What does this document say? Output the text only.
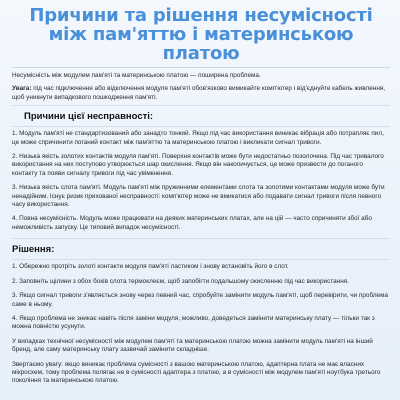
Причини та рішення несумісності між пам'яттю і материнською платою

Несумісність між модулем пам'яті та материнською платою — поширена проблема.

Увага: під час підключення або відключення модуля пам'яті обов'язково вимикайте комп'ютер і від'єднуйте кабель живлення, щоб уникнути випадкового пошкодження пам'яті.

Причини цієї несправності:

1. Модуль пам'яті не стандартизований або занадто тонкий. Якщо під час використання виникає вібрація або потрапляє пил, це може спричинити поганий контакт між пам'яттю та материнською платою і викликати сигнал тривоги.

2. Низька якість золотих контактів модуля пам'яті. Поверхня контактів може бути недостатньо позолочена. Під час тривалого використання на них поступово утворюється шар окислення. Якщо він накопичується, це може призвести до поганого контакту та появи сигналу тривоги під час увімкнення.

3. Низька якість слота пам'яті. Модуль пам'яті між пружинними елементами слота та золотими контактами модуля може бути ненадійним. Існує ризик прихованої несправності: комп'ютер може не вмикатися або подавати сигнал тривоги після певного часу використання.

4. Повна несумісність. Модуль може працювати на деяких материнських платах, але на цій — часто спричиняти збої або неможливість запуску. Це типовий випадок несумісності.

Рішення:

1. Обережно протріть золоті контакти модуля пам'яті ластиком і знову встановіть його в слот.

2. Заповніть щілини з обох боків слота термоклеєм, щоб запобігти подальшому окисленню під час використання.

3. Якщо сигнал тривоги з'являється знову через певний час, спробуйте замінити модуль пам'яті, щоб перевірити, чи проблема саме в ньому.

4. Якщо проблема не зникає навіть після заміни модуля, можливо, доведеться замінити материнську плату — тільки так з можна повністю усунути.

У випадках технічної несумісності між модулем пам'яті та материнською платою можна замінити модуль пам'яті на інший бренд, але саму материнську плату зазвичай замінити складніше.

Звертаємо увагу: якщо виникає проблема сумісності з вашою материнською платою, адаптерна плата не має власних мікросхем, тому проблема полягає не в сумісності адаптера з платою, а в сумісності між модулем пам'яті ноутбука третього покоління та материнською платою.
